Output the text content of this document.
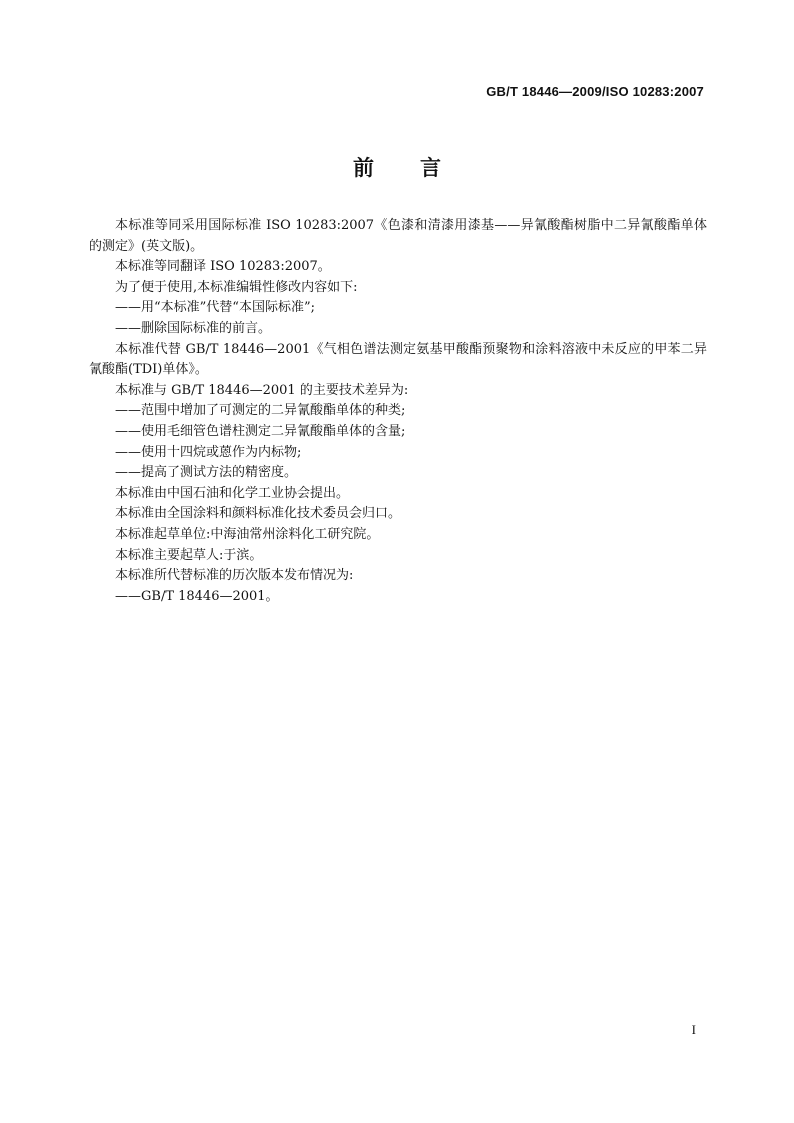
GB/T 18446—2009/ISO 10283:2007
前言

本标准等同采用国际标准 ISO 10283:2007《色漆和清漆用漆基——异氰酸酯树脂中二异氰酸酯单体的测定》(英文版)。

本标准等同翻译 ISO 10283:2007。

为了便于使用,本标准编辑性修改内容如下:

——用“本标准”代替“本国际标准”;

——删除国际标准的前言。

本标准代替 GB/T 18446—2001《气相色谱法测定氨基甲酸酯预聚物和涂料溶液中未反应的甲苯二异氰酸酯(TDI)单体》。

本标准与 GB/T 18446—2001 的主要技术差异为:

——范围中增加了可测定的二异氰酸酯单体的种类;

——使用毛细管色谱柱测定二异氰酸酯单体的含量;

——使用十四烷或蒽作为内标物;

——提高了测试方法的精密度。

本标准由中国石油和化学工业协会提出。

本标准由全国涂料和颜料标准化技术委员会归口。

本标准起草单位:中海油常州涂料化工研究院。

本标准主要起草人:于滨。

本标准所代替标准的历次版本发布情况为:

——GB/T 18446—2001。

I
